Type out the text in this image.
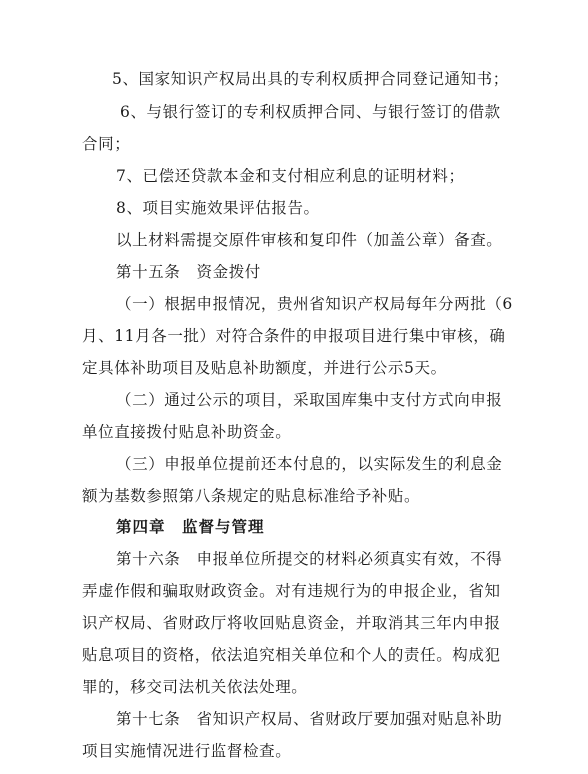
5、国家知识产权局出具的专利权质押合同登记通知书；
6、与银行签订的专利权质押合同、与银行签订的借款
合同；
7、已偿还贷款本金和支付相应利息的证明材料；
8、项目实施效果评估报告。
以上材料需提交原件审核和复印件（加盖公章）备查。
第十五条　资金拨付
（一）根据申报情况，贵州省知识产权局每年分两批（6
月、11月各一批）对符合条件的申报项目进行集中审核，确
定具体补助项目及贴息补助额度，并进行公示5天。
（二）通过公示的项目，采取国库集中支付方式向申报
单位直接拨付贴息补助资金。
（三）申报单位提前还本付息的，以实际发生的利息金
额为基数参照第八条规定的贴息标准给予补贴。
第四章　监督与管理
第十六条　申报单位所提交的材料必须真实有效，不得
弄虚作假和骗取财政资金。对有违规行为的申报企业，省知
识产权局、省财政厅将收回贴息资金，并取消其三年内申报
贴息项目的资格，依法追究相关单位和个人的责任。构成犯
罪的，移交司法机关依法处理。
第十七条　省知识产权局、省财政厅要加强对贴息补助
项目实施情况进行监督检查。
